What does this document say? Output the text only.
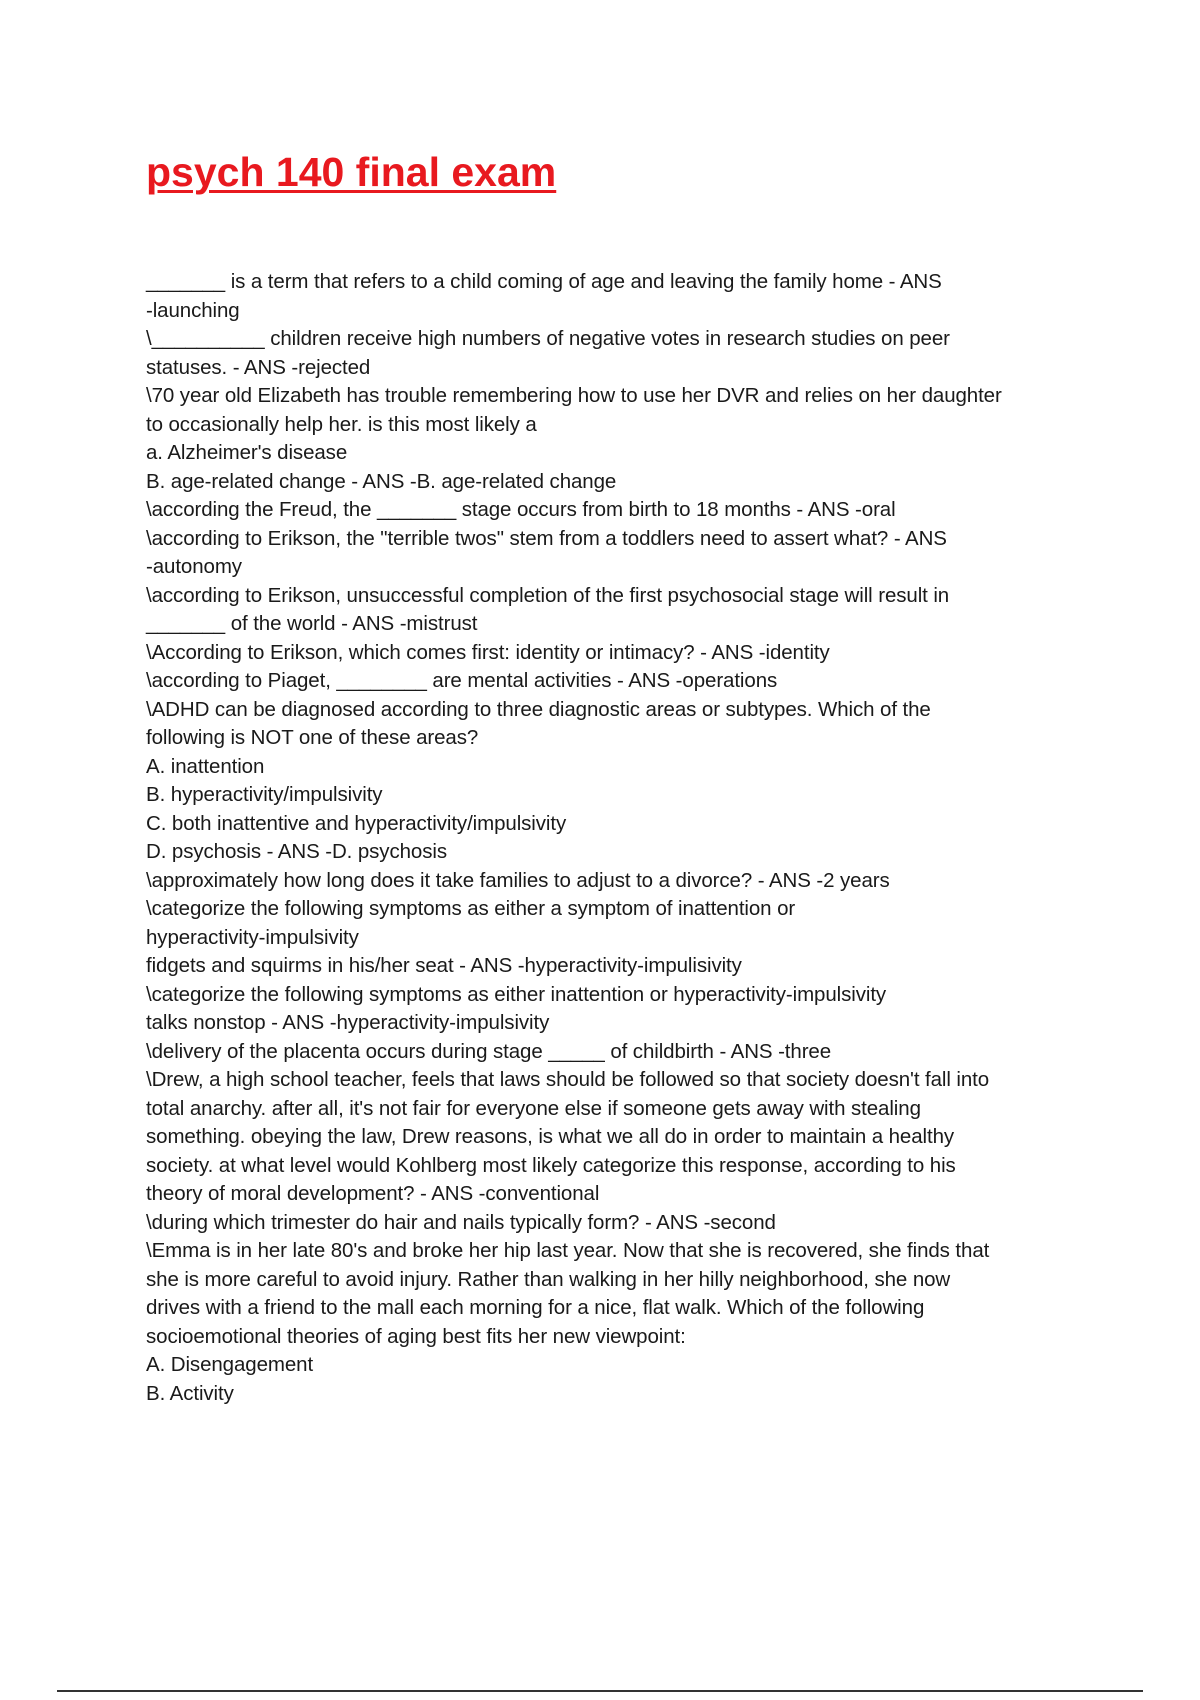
psych 140 final exam
_______ is a term that refers to a child coming of age and leaving the family home - ANS
-launching
\__________ children receive high numbers of negative votes in research studies on peer
statuses. - ANS -rejected
\70 year old Elizabeth has trouble remembering how to use her DVR and relies on her daughter
to occasionally help her. is this most likely a
a. Alzheimer's disease
B. age-related change - ANS -B. age-related change
\according the Freud, the _______ stage occurs from birth to 18 months - ANS -oral
\according to Erikson, the "terrible twos" stem from a toddlers need to assert what? - ANS
-autonomy
\according to Erikson, unsuccessful completion of the first psychosocial stage will result in
_______ of the world - ANS -mistrust
\According to Erikson, which comes first: identity or intimacy? - ANS -identity
\according to Piaget, ________ are mental activities - ANS -operations
\ADHD can be diagnosed according to three diagnostic areas or subtypes. Which of the
following is NOT one of these areas?
A. inattention
B. hyperactivity/impulsivity
C. both inattentive and hyperactivity/impulsivity
D. psychosis - ANS -D. psychosis
\approximately how long does it take families to adjust to a divorce? - ANS -2 years
\categorize the following symptoms as either a symptom of inattention or
hyperactivity-impulsivity
fidgets and squirms in his/her seat - ANS -hyperactivity-impulisivity
\categorize the following symptoms as either inattention or hyperactivity-impulsivity
talks nonstop - ANS -hyperactivity-impulsivity
\delivery of the placenta occurs during stage _____ of childbirth - ANS -three
\Drew, a high school teacher, feels that laws should be followed so that society doesn't fall into
total anarchy. after all, it's not fair for everyone else if someone gets away with stealing
something. obeying the law, Drew reasons, is what we all do in order to maintain a healthy
society. at what level would Kohlberg most likely categorize this response, according to his
theory of moral development? - ANS -conventional
\during which trimester do hair and nails typically form? - ANS -second
\Emma is in her late 80's and broke her hip last year. Now that she is recovered, she finds that
she is more careful to avoid injury. Rather than walking in her hilly neighborhood, she now
drives with a friend to the mall each morning for a nice, flat walk. Which of the following
socioemotional theories of aging best fits her new viewpoint:
A. Disengagement
B. Activity
